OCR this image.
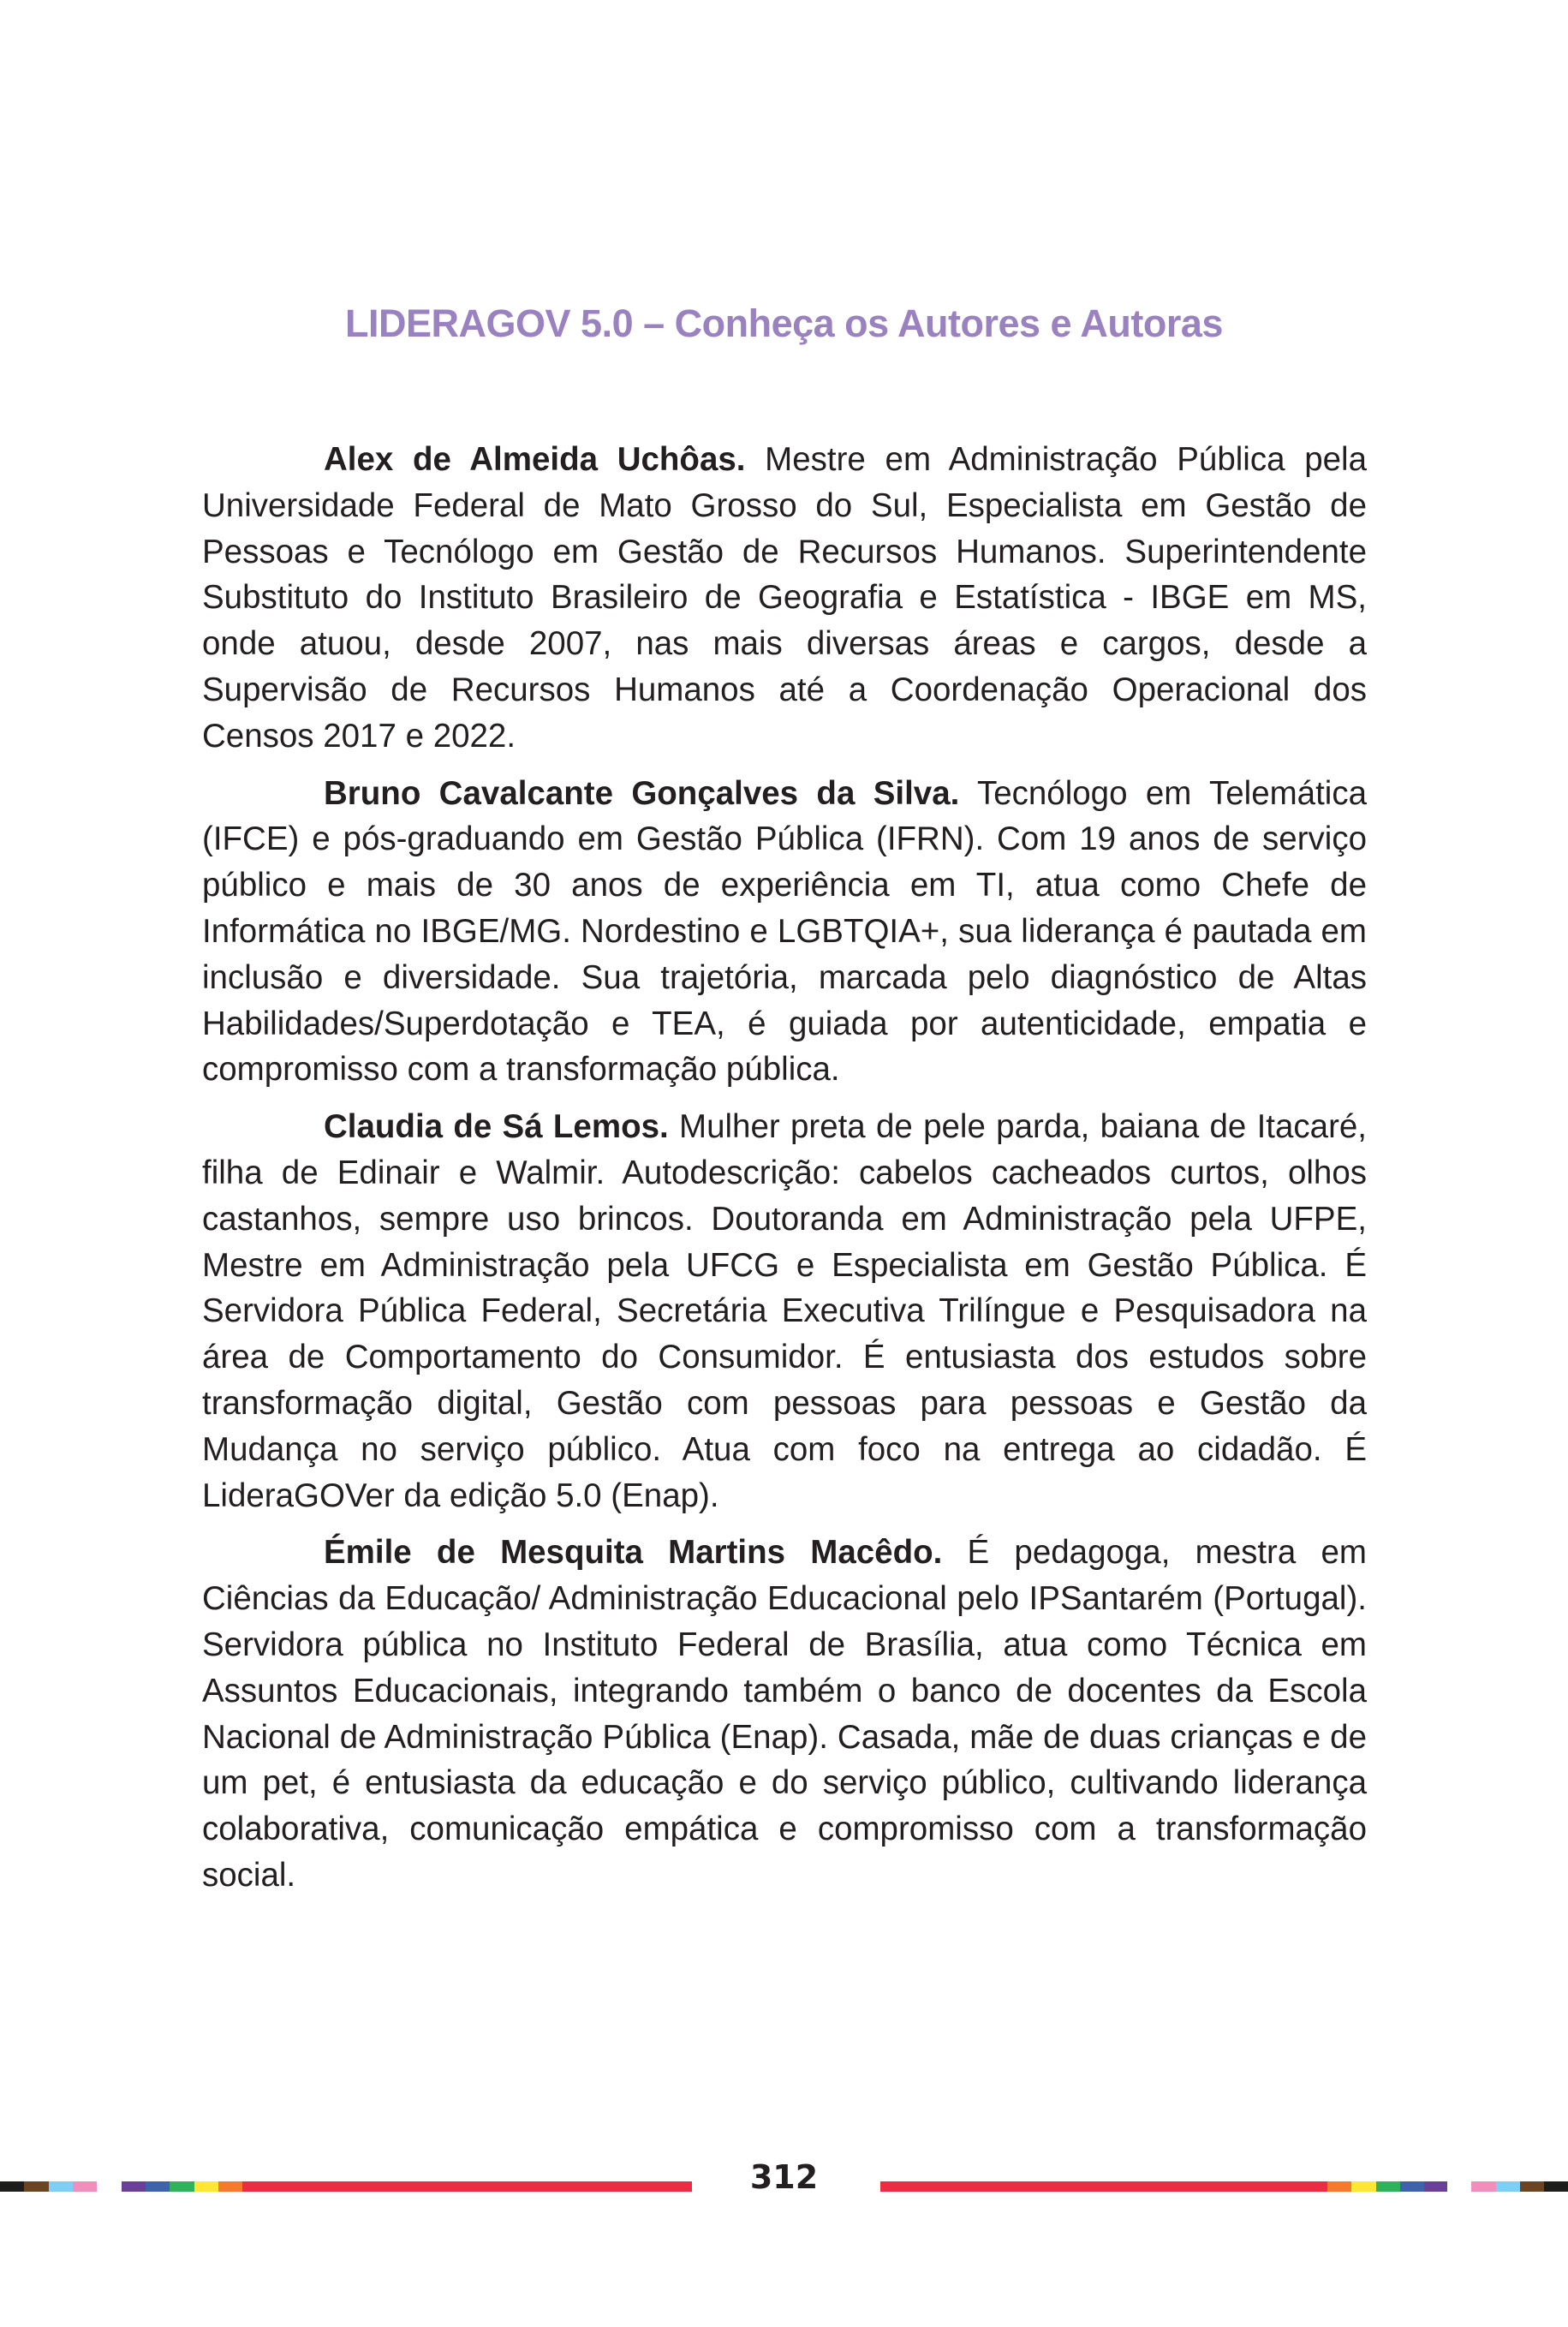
LIDERAGOV 5.0 – Conheça os Autores e Autoras

Alex de Almeida Uchôas. Mestre em Administração Pública pela Universidade Federal de Mato Grosso do Sul, Especialista em Gestão de Pessoas e Tecnólogo em Gestão de Recursos Humanos. Superintendente Substituto do Instituto Brasileiro de Geografia e Estatística - IBGE em MS, onde atuou, desde 2007, nas mais diversas áreas e cargos, desde a Supervisão de Recursos Humanos até a Coordenação Operacional dos Censos 2017 e 2022.

Bruno Cavalcante Gonçalves da Silva. Tecnólogo em Telemática (IFCE) e pós-graduando em Gestão Pública (IFRN). Com 19 anos de serviço público e mais de 30 anos de experiência em TI, atua como Chefe de Informática no IBGE/MG. Nordestino e LGBTQIA+, sua liderança é pautada em inclusão e diversidade. Sua trajetória, marcada pelo diagnóstico de Altas Habilidades/Superdotação e TEA, é guiada por autenticidade, empatia e compromisso com a transformação pública.

Claudia de Sá Lemos. Mulher preta de pele parda, baiana de Itacaré, filha de Edinair e Walmir. Autodescrição: cabelos cacheados curtos, olhos castanhos, sempre uso brincos. Doutoranda em Administração pela UFPE, Mestre em Administração pela UFCG e Especialista em Gestão Pública. É Servidora Pública Federal, Secretária Executiva Trilíngue e Pesquisadora na área de Comportamento do Consumidor. É entusiasta dos estudos sobre transformação digital, Gestão com pessoas para pessoas e Gestão da Mudança no serviço público. Atua com foco na entrega ao cidadão. É LideraGOVer da edição 5.0 (Enap).

Émile de Mesquita Martins Macêdo. É pedagoga, mestra em Ciências da Educação/ Administração Educacional pelo IPSantarém (Portugal). Servidora pública no Instituto Federal de Brasília, atua como Técnica em Assuntos Educacionais, integrando também o banco de docentes da Escola Nacional de Administração Pública (Enap). Casada, mãe de duas crianças e de um pet, é entusiasta da educação e do serviço público, cultivando liderança colaborativa, comunicação empática e compromisso com a transformação social.

312
